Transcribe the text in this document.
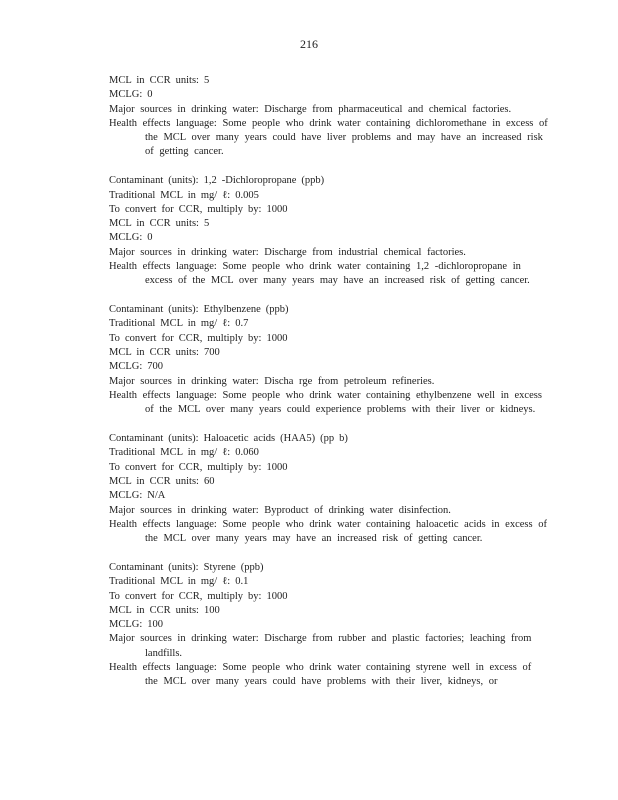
216
MCL in CCR units: 5
MCLG: 0
Major sources in drinking water: Discharge from pharmaceutical and chemical factories.
Health effects language: Some people who drink water containing dichloromethane in excess of the MCL over many years could have liver problems and may have an increased risk of getting cancer.
Contaminant (units): 1,2 -Dichloropropane (ppb)
Traditional MCL in mg/ ℓ: 0.005
To convert for CCR, multiply by: 1000
MCL in CCR units: 5
MCLG: 0
Major sources in drinking water: Discharge from industrial chemical factories.
Health effects language: Some people who drink water containing 1,2 -dichloropropane in excess of the MCL over many years may have an increased risk of getting cancer.
Contaminant (units): Ethylbenzene (ppb)
Traditional MCL in mg/ ℓ: 0.7
To convert for CCR, multiply by: 1000
MCL in CCR units: 700
MCLG: 700
Major sources in drinking water: Discha rge from petroleum refineries.
Health effects language: Some people who drink water containing ethylbenzene well in excess of the MCL over many years could experience problems with their liver or kidneys.
Contaminant (units): Haloacetic acids (HAA5) (pp b)
Traditional MCL in mg/ ℓ: 0.060
To convert for CCR, multiply by: 1000
MCL in CCR units: 60
MCLG: N/A
Major sources in drinking water: Byproduct of drinking water disinfection.
Health effects language: Some people who drink water containing haloacetic acids in excess of the MCL over many years may have an increased risk of getting cancer.
Contaminant (units): Styrene (ppb)
Traditional MCL in mg/ ℓ: 0.1
To convert for CCR, multiply by: 1000
MCL in CCR units: 100
MCLG: 100
Major sources in drinking water: Discharge from rubber and plastic factories; leaching from landfills.
Health effects language: Some people who drink water containing styrene well in excess of the MCL over many years could have problems with their liver, kidneys, or
